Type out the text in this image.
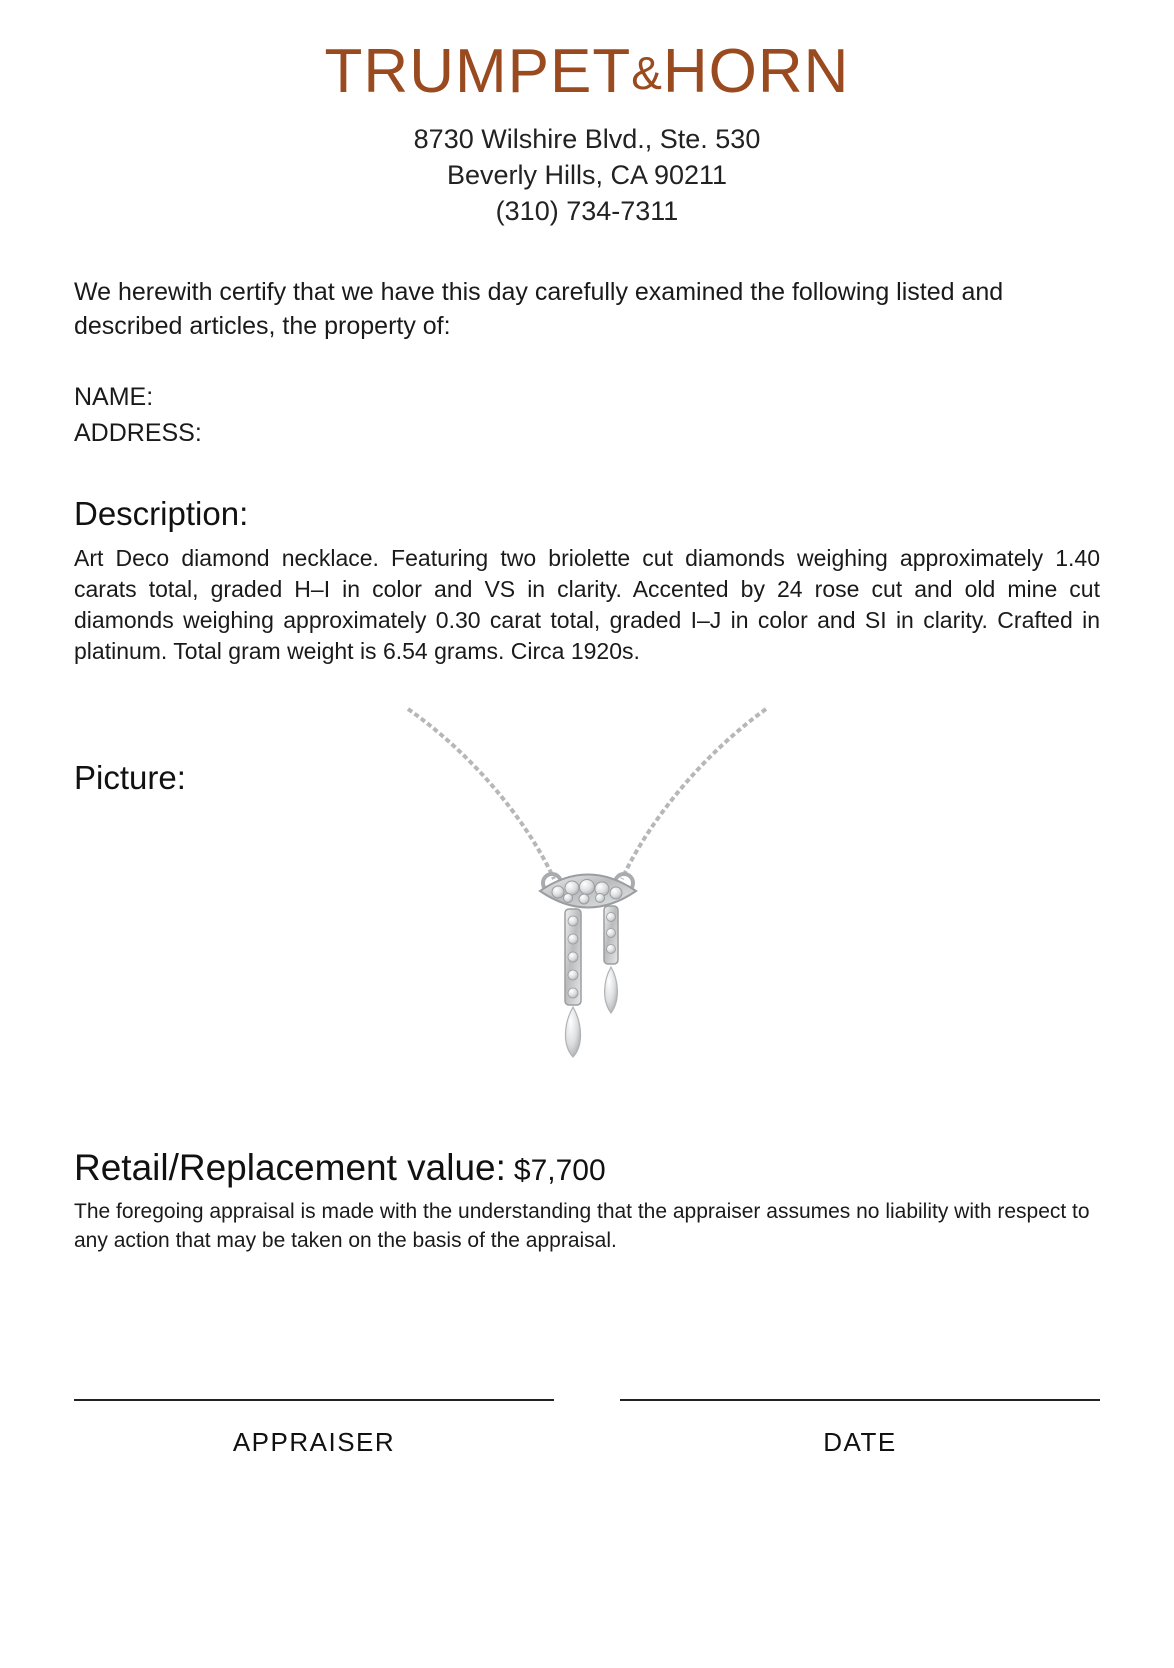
TRUMPET&HORN
8730 Wilshire Blvd., Ste. 530
Beverly Hills, CA 90211
(310) 734-7311
We herewith certify that we have this day carefully examined the following listed and described articles, the property of:
NAME:
ADDRESS:
Description:
Art Deco diamond necklace. Featuring two briolette cut diamonds weighing approximately 1.40 carats total, graded H–I in color and VS in clarity. Accented by 24 rose cut and old mine cut diamonds weighing approximately 0.30 carat total, graded I–J in color and SI in clarity. Crafted in platinum. Total gram weight is 6.54 grams. Circa 1920s.
Picture:
Retail/Replacement value: $7,700
The foregoing appraisal is made with the understanding that the appraiser assumes no liability with respect to any action that may be taken on the basis of the appraisal.
APPRAISER	DATE
